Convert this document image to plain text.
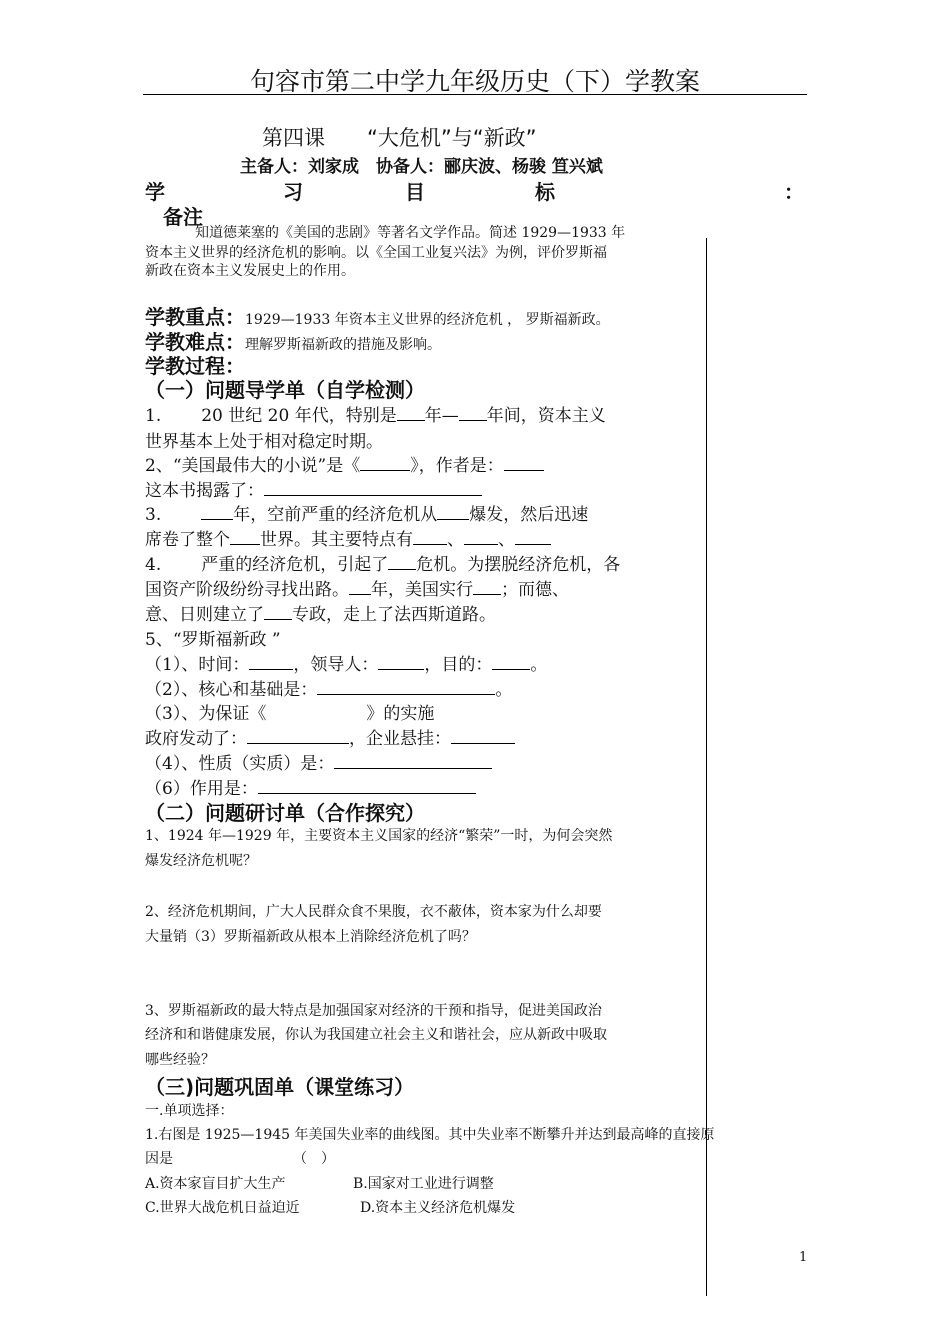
句容市第二中学九年级历史（下）学教案
第四课　　“大危机”与“新政”
主备人：刘家成　协备人：郦庆波、杨骏 笪兴斌
学	习	目	标	：
备注
知道德莱塞的《美国的悲剧》等著名文学作品。简述 1929—1933 年
资本主义世界的经济危机的影响。以《全国工业复兴法》为例，评价罗斯福
新政在资本主义发展史上的作用。
学教重点：1929—1933 年资本主义世界的经济危机 ， 罗斯福新政。
学教难点：理解罗斯福新政的措施及影响。
学教过程：
（一）问题导学单（自学检测）
1. 20 世纪 20 年代，特别是 年— 年间，资本主义
世界基本上处于相对稳定时期。
2、“美国最伟大的小说”是《	》，作者是：
这本书揭露了：
3.	年，空前严重的经济危机从 爆发，然后迅速
席卷了整个 世界。其主要特点有 、 、
4. 严重的经济危机，引起了 危机。为摆脱经济危机，各
国资产阶级纷纷寻找出路。 年，美国实行 ；而德、
意、日则建立了 专政，走上了法西斯道路。
5、“罗斯福新政 ”
（1）、时间：	，领导人：	，目的： 。
（2）、核心和基础是：	。
（3）、为保证《	》的实施
政府发动了：	，企业悬挂：
（4）、性质（实质）是：
（6）作用是：
（二）问题研讨单（合作探究）
1、1924 年—1929 年，主要资本主义国家的经济“繁荣”一时，为何会突然
爆发经济危机呢？
2、经济危机期间，广大人民群众食不果腹，衣不蔽体，资本家为什么却要
大量销（3）罗斯福新政从根本上消除经济危机了吗？
3、罗斯福新政的最大特点是加强国家对经济的干预和指导，促进美国政治
经济和和谐健康发展，你认为我国建立社会主义和谐社会，应从新政中吸取
哪些经验？
（三)问题巩固单（课堂练习）
一.单项选择：
1.右图是 1925—1945 年美国失业率的曲线图。其中失业率不断攀升并达到最高峰的直接原
因是	（　）
A.资本家盲目扩大生产	B.国家对工业进行调整
C.世界大战危机日益迫近	D.资本主义经济危机爆发
1
